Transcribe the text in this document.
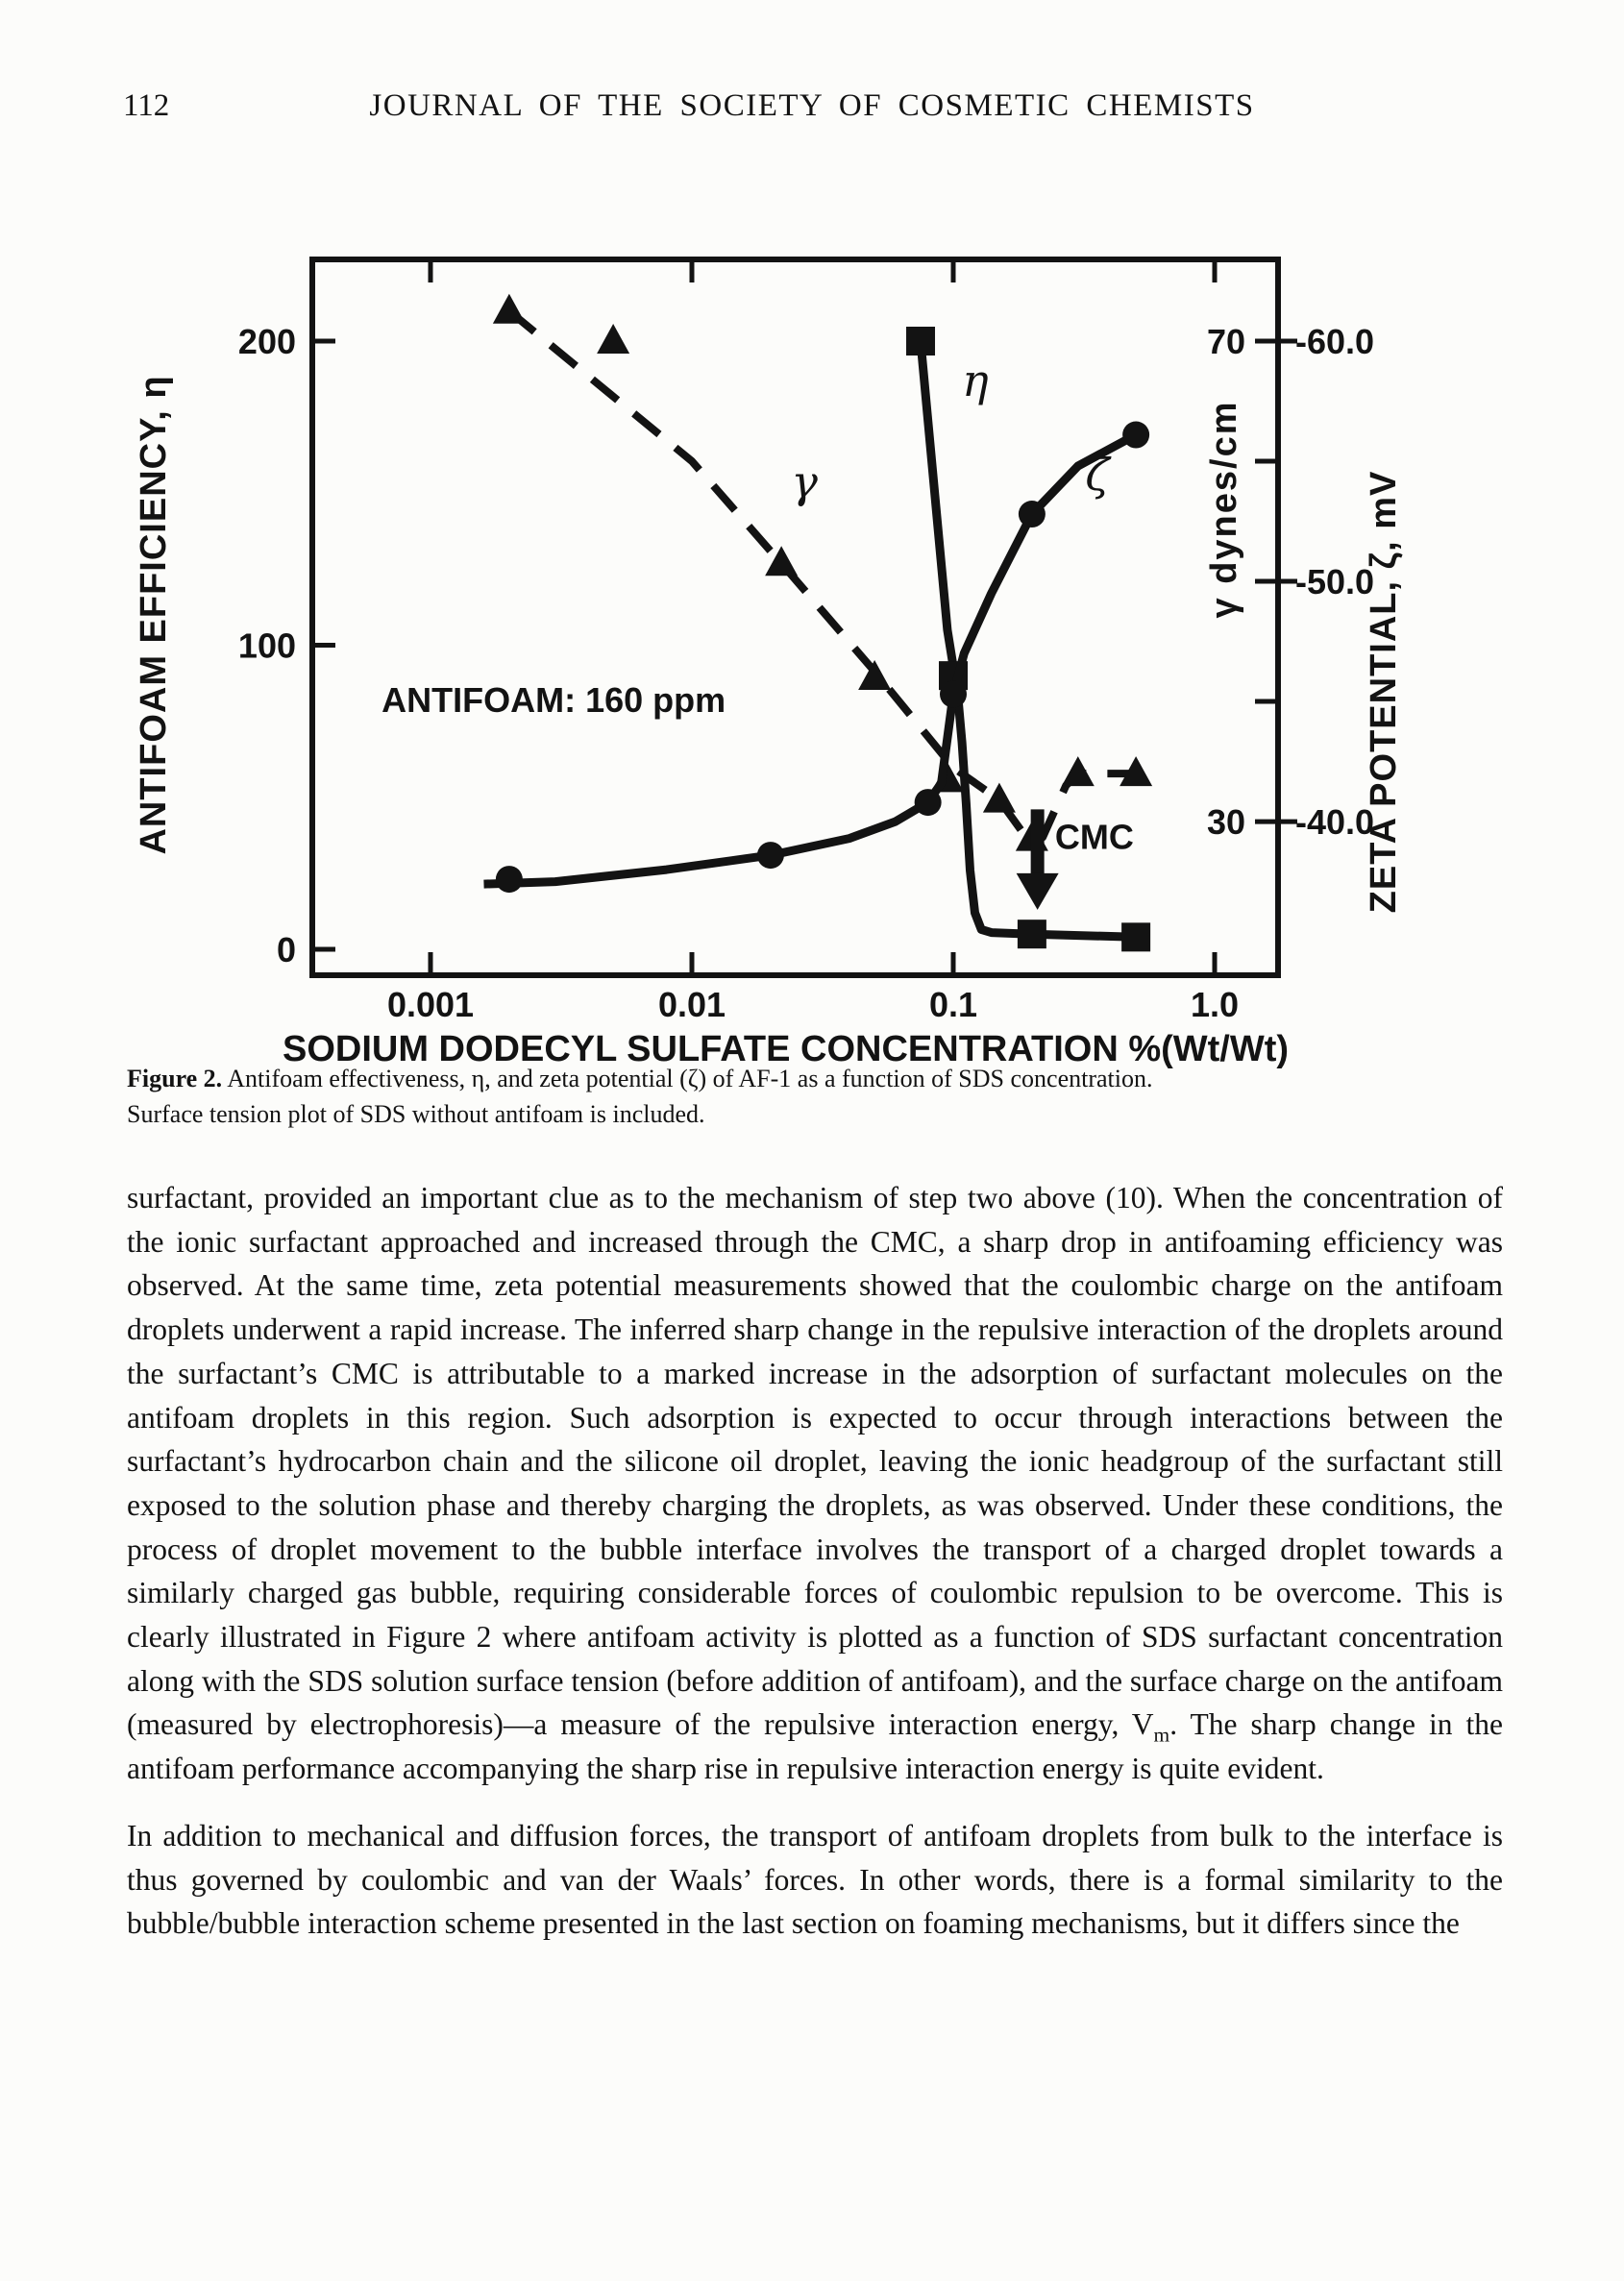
112	JOURNAL OF THE SOCIETY OF COSMETIC CHEMISTS
0.001	0.01	0.1	1.0
SODIUM DODECYL SULFATE CONCENTRATION %(Wt/Wt)
0
100
200
ANTIFOAM EFFICIENCY, η
70
30
γ dynes/cm
-60.0
-50.0
-40.0
ZETA POTENTIAL, ζ, mV
γ
η
ζ
CMC
ANTIFOAM: 160 ppm
Figure 2. Antifoam effectiveness, η, and zeta potential (ζ) of AF-1 as a function of SDS concentration.
Surface tension plot of SDS without antifoam is included.

surfactant, provided an important clue as to the mechanism of step two above (10). When the concentration of the ionic surfactant approached and increased through the CMC, a sharp drop in antifoaming efficiency was observed. At the same time, zeta potential measurements showed that the coulombic charge on the antifoam droplets underwent a rapid increase. The inferred sharp change in the repulsive interaction of the droplets around the surfactant’s CMC is attributable to a marked increase in the adsorption of surfactant molecules on the antifoam droplets in this region. Such adsorption is expected to occur through interactions between the surfactant’s hydrocarbon chain and the silicone oil droplet, leaving the ionic headgroup of the surfactant still exposed to the solution phase and thereby charging the droplets, as was observed. Under these conditions, the process of droplet movement to the bubble interface involves the transport of a charged droplet towards a similarly charged gas bubble, requiring considerable forces of coulombic repulsion to be overcome. This is clearly illustrated in Figure 2 where antifoam activity is plotted as a function of SDS surfactant concentration along with the SDS solution surface tension (before addition of antifoam), and the surface charge on the antifoam (measured by electrophoresis)—a measure of the repulsive interaction energy, $V_m$. The sharp change in the antifoam performance accompanying the sharp rise in repulsive interaction energy is quite evident.

In addition to mechanical and diffusion forces, the transport of antifoam droplets from bulk to the interface is thus governed by coulombic and van der Waals’ forces. In other words, there is a formal similarity to the bubble/bubble interaction scheme presented in the last section on foaming mechanisms, but it differs since the
